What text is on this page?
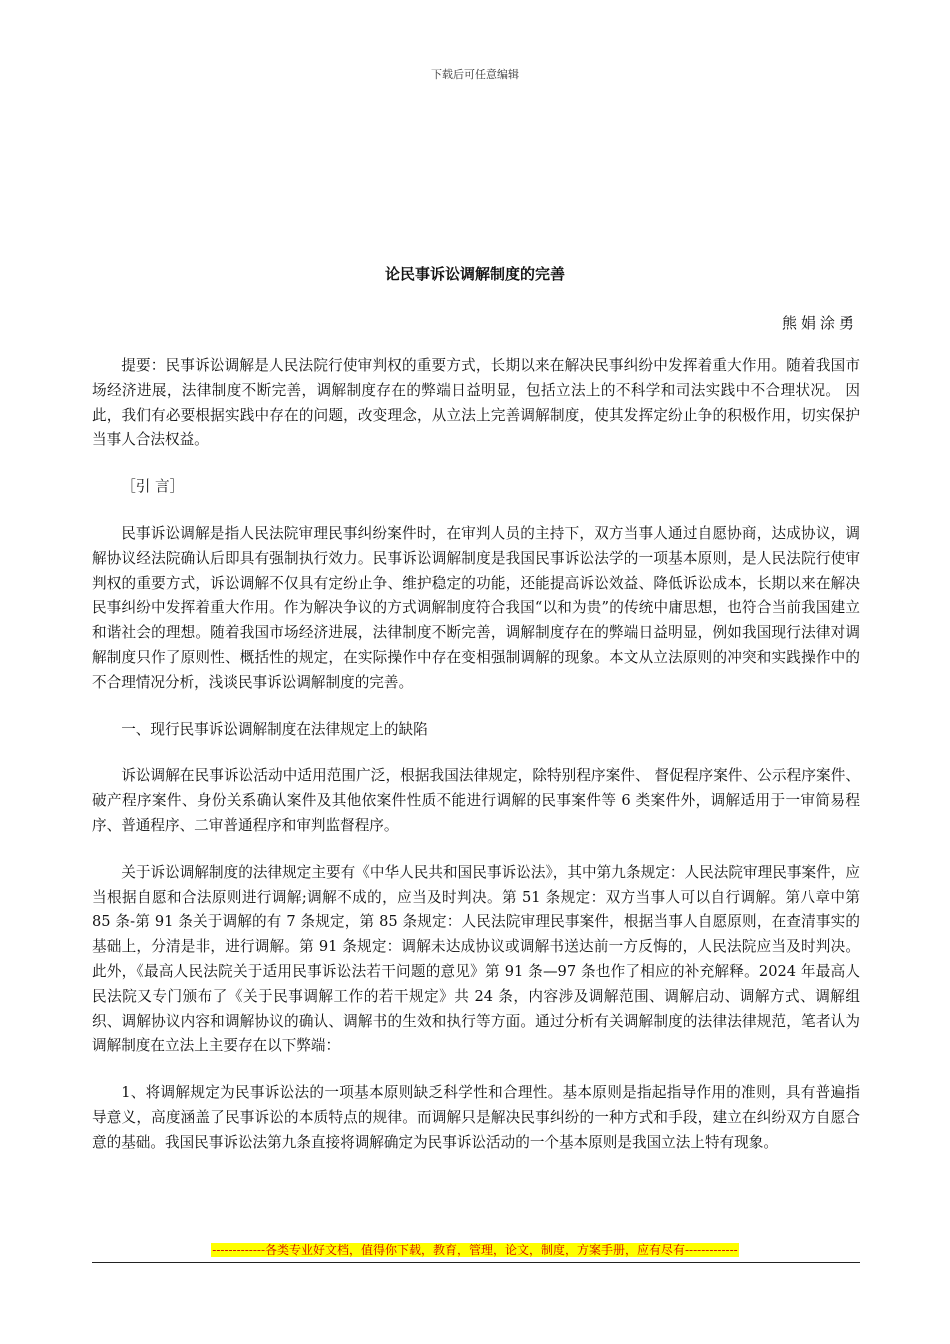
下载后可任意编辑
论民事诉讼调解制度的完善
熊娟涂勇

提要：民事诉讼调解是人民法院行使审判权的重要方式，长期以来在解决民事纠纷中发挥着重大作用。随着我国市场经济进展，法律制度不断完善，调解制度存在的弊端日益明显，包括立法上的不科学和司法实践中不合理状况。 因此，我们有必要根据实践中存在的问题，改变理念，从立法上完善调解制度，使其发挥定纷止争的积极作用，切实保护当事人合法权益。

［引 言］

民事诉讼调解是指人民法院审理民事纠纷案件时，在审判人员的主持下，双方当事人通过自愿协商，达成协议，调解协议经法院确认后即具有强制执行效力。民事诉讼调解制度是我国民事诉讼法学的一项基本原则，是人民法院行使审判权的重要方式，诉讼调解不仅具有定纷止争、维护稳定的功能，还能提高诉讼效益、降低诉讼成本，长期以来在解决民事纠纷中发挥着重大作用。作为解决争议的方式调解制度符合我国“以和为贵”的传统中庸思想，也符合当前我国建立和谐社会的理想。随着我国市场经济进展，法律制度不断完善，调解制度存在的弊端日益明显，例如我国现行法律对调解制度只作了原则性、概括性的规定，在实际操作中存在变相强制调解的现象。本文从立法原则的冲突和实践操作中的不合理情况分析，浅谈民事诉讼调解制度的完善。

一、现行民事诉讼调解制度在法律规定上的缺陷

诉讼调解在民事诉讼活动中适用范围广泛，根据我国法律规定，除特别程序案件、 督促程序案件、公示程序案件、破产程序案件、身份关系确认案件及其他依案件性质不能进行调解的民事案件等 6 类案件外，调解适用于一审简易程序、普通程序、二审普通程序和审判监督程序。

关于诉讼调解制度的法律规定主要有《中华人民共和国民事诉讼法》，其中第九条规定：人民法院审理民事案件，应当根据自愿和合法原则进行调解;调解不成的，应当及时判决。第 51 条规定：双方当事人可以自行调解。第八章中第 85 条-第 91 条关于调解的有 7 条规定，第 85 条规定：人民法院审理民事案件，根据当事人自愿原则，在查清事实的基础上，分清是非，进行调解。第 91 条规定：调解未达成协议或调解书送达前一方反悔的，人民法院应当及时判决。此外，《最高人民法院关于适用民事诉讼法若干问题的意见》第 91 条—97 条也作了相应的补充解释。2024 年最高人民法院又专门颁布了《关于民事调解工作的若干规定》共 24 条，内容涉及调解范围、调解启动、调解方式、调解组织、调解协议内容和调解协议的确认、调解书的生效和执行等方面。通过分析有关调解制度的法律法律规范，笔者认为调解制度在立法上主要存在以下弊端：

1、将调解规定为民事诉讼法的一项基本原则缺乏科学性和合理性。基本原则是指起指导作用的准则，具有普遍指导意义，高度涵盖了民事诉讼的本质特点的规律。而调解只是解决民事纠纷的一种方式和手段，建立在纠纷双方自愿合意的基础。我国民事诉讼法第九条直接将调解确定为民事诉讼活动的一个基本原则是我国立法上特有现象。

-------------各类专业好文档，值得你下载，教育，管理，论文，制度，方案手册，应有尽有-------------
